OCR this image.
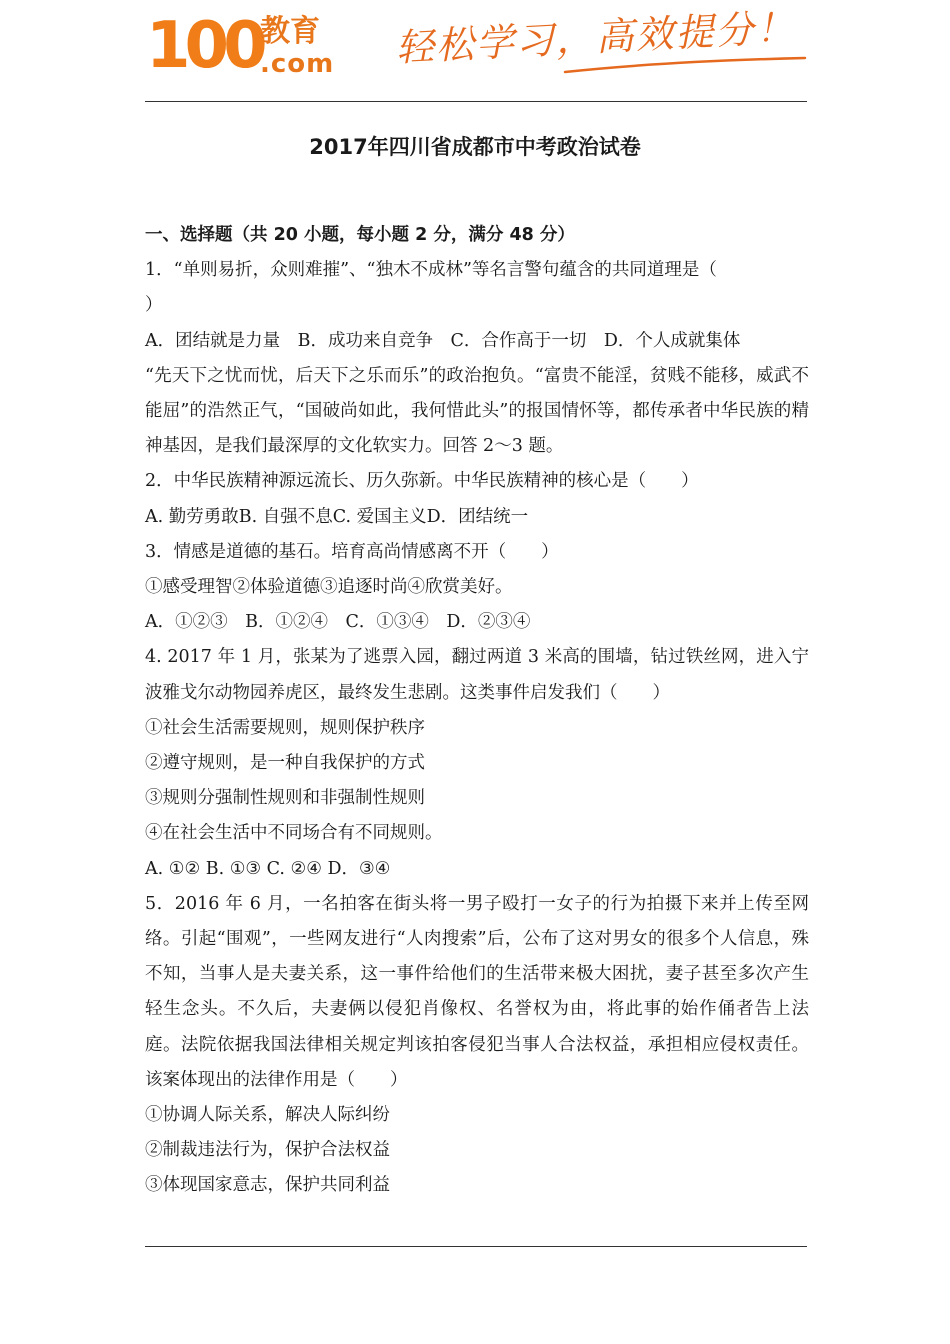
100
教育
.com 轻松学习，高效提分！
2017年四川省成都市中考政治试卷

一、选择题（共 20 小题，每小题 2 分，满分 48 分）

1．“单则易折，众则难摧”、“独木不成林”等名言警句蕴含的共同道理是（

）

A．团结就是力量　B．成功来自竞争　C．合作高于一切　D．个人成就集体

“先天下之忧而忧，后天下之乐而乐”的政治抱负。“富贵不能淫，贫贱不能移，威武不能屈”的浩然正气，“国破尚如此，我何惜此头”的报国情怀等，都传承者中华民族的精神基因，是我们最深厚的文化软实力。回答 2～3 题。

2．中华民族精神源远流长、历久弥新。中华民族精神的核心是（　　）

A. 勤劳勇敢B. 自强不息C. 爱国主义D．团结统一

3．情感是道德的基石。培育高尚情感离不开（　　）

①感受理智②体验道德③追逐时尚④欣赏美好。

A．①②③　B．①②④　C．①③④　D．②③④

4. 2017 年 1 月，张某为了逃票入园，翻过两道 3 米高的围墙，钻过铁丝网，进入宁波雅戈尔动物园养虎区，最终发生悲剧。这类事件启发我们（　　）

①社会生活需要规则，规则保护秩序

②遵守规则，是一种自我保护的方式

③规则分强制性规则和非强制性规则

④在社会生活中不同场合有不同规则。

A. ①② B. ①③ C. ②④ D．③④

5．2016 年 6 月，一名拍客在街头将一男子殴打一女子的行为拍摄下来并上传至网络。引起“围观”，一些网友进行“人肉搜索”后，公布了这对男女的很多个人信息，殊不知，当事人是夫妻关系，这一事件给他们的生活带来极大困扰，妻子甚至多次产生轻生念头。不久后，夫妻俩以侵犯肖像权、名誉权为由，将此事的始作俑者告上法庭。法院依据我国法律相关规定判该拍客侵犯当事人合法权益，承担相应侵权责任。该案体现出的法律作用是（　　）

①协调人际关系，解决人际纠纷

②制裁违法行为，保护合法权益

③体现国家意志，保护共同利益
